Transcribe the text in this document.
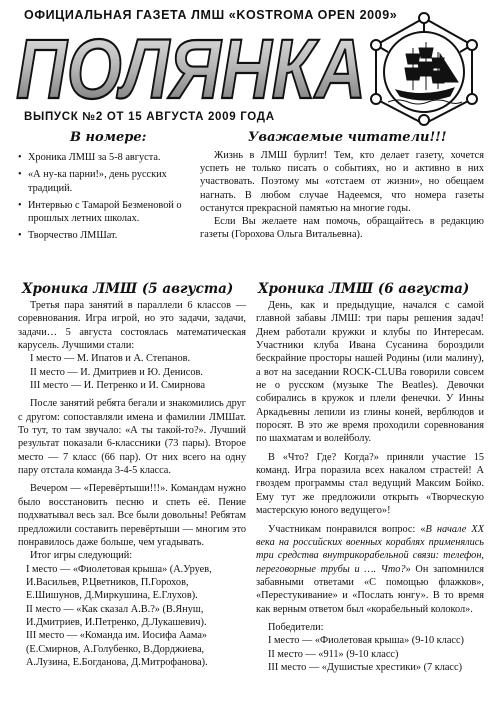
ОФИЦИАЛЬНАЯ ГАЗЕТА ЛМШ «KOSTROMA OPEN 2009»
ПОЛЯНКА
ВЫПУСК №2 ОТ 15 АВГУСТА 2009 ГОДА
В номере:	Уважаемые читатели!!!
• Хроника ЛМШ за 5-8 августа.
• «А ну-ка парни!», день русских традиций.
• Интервью с Тамарой Безменовой о прошлых летних школах.
• Творчество ЛМШат.

Жизнь в ЛМШ бурлит! Тем, кто делает газету, хочется успеть не только писать о событиях, но и активно в них участвовать. Поэтому мы «отстаем от жизни», но обещаем нагнать. В любом случае Надеемся, что номера газеты останутся прекрасной памятью на многие годы.

Если Вы желаете нам помочь, обращайтесь в редакцию газеты (Горохова Ольга Витальевна).

Хроника ЛМШ (5 августа) Хроника ЛМШ (6 августа)

Третья пара занятий в параллели 6 классов — соревнования. Игра игрой, но это задачи, задачи, задачи… 5 августа состоялась математическая карусель. Лучшими стали:

I место — М. Ипатов и А. Степанов.

II место — И. Дмитриев и Ю. Денисов.

III место — И. Петренко и И. Смирнова

После занятий ребята бегали и знакомились друг с другом: сопоставляли имена и фамилии ЛМШат. То тут, то там звучало: «А ты такой-то?». Лучший результат показали 6-классники (73 пары). Второе место — 7 класс (66 пар). От них всего на одну пару отстала команда 3-4-5 класса.

Вечером — «Перевёртыши!!!». Командам нужно было восстановить песню и спеть её. Пение подхватывал весь зал. Все были довольны! Ребятам предложили составить перевёртыши — многим это понравилось даже больше, чем угадывать.

Итог игры следующий:

I место — «Фиолетовая крыша» (А.Уруев, И.Васильев, Р.Цветников, П.Горохов, Е.Шишунов, Д.Миркушина, Е.Глухов).

II место — «Как сказал А.В.?» (В.Януш, И.Дмитриев, И.Петренко, Д.Лукашевич).

III место — «Команда им. Иосифа Аама» (Е.Смирнов, А.Голубенко, В.Дорджиева, А.Лузина, Е.Богданова, Д.Митрофанова).

День, как и предыдущие, начался с самой главной забавы ЛМШ: три пары решения задач! Днем работали кружки и клубы по Интересам. Участники клуба Ивана Сусанина бороздили бескрайние просторы нашей Родины (или малину), а вот на заседании ROCK-CLUBа говорили совсем не о русском (музыке The Beatles). Девочки собирались в кружок и плели фенечки. У Инны Аркадьевны лепили из глины коней, верблюдов и поросят. В это же время проходили соревнования по шахматам и волейболу.

В «Что? Где? Когда?» приняли участие 15 команд. Игра поразила всех накалом страстей! А гвоздем программы стал ведущий Максим Бойко. Ему тут же предложили открыть «Творческую мастерскую юного ведущего»!

Участникам понравился вопрос: «В начале XX века на российских военных кораблях применялись три средства внутрикорабельной связи: телефон, переговорные трубы и …. Что?» Он запомнился забавными ответами «С помощью флажков», «Перестукивание» и «Послать юнгу». В то время как верным ответом был «корабельный колокол».

Победители:

I место — «Фиолетовая крыша» (9-10 класс)

II место — «911» (9-10 класс)

III место — «Душистые хрестики» (7 класс)
